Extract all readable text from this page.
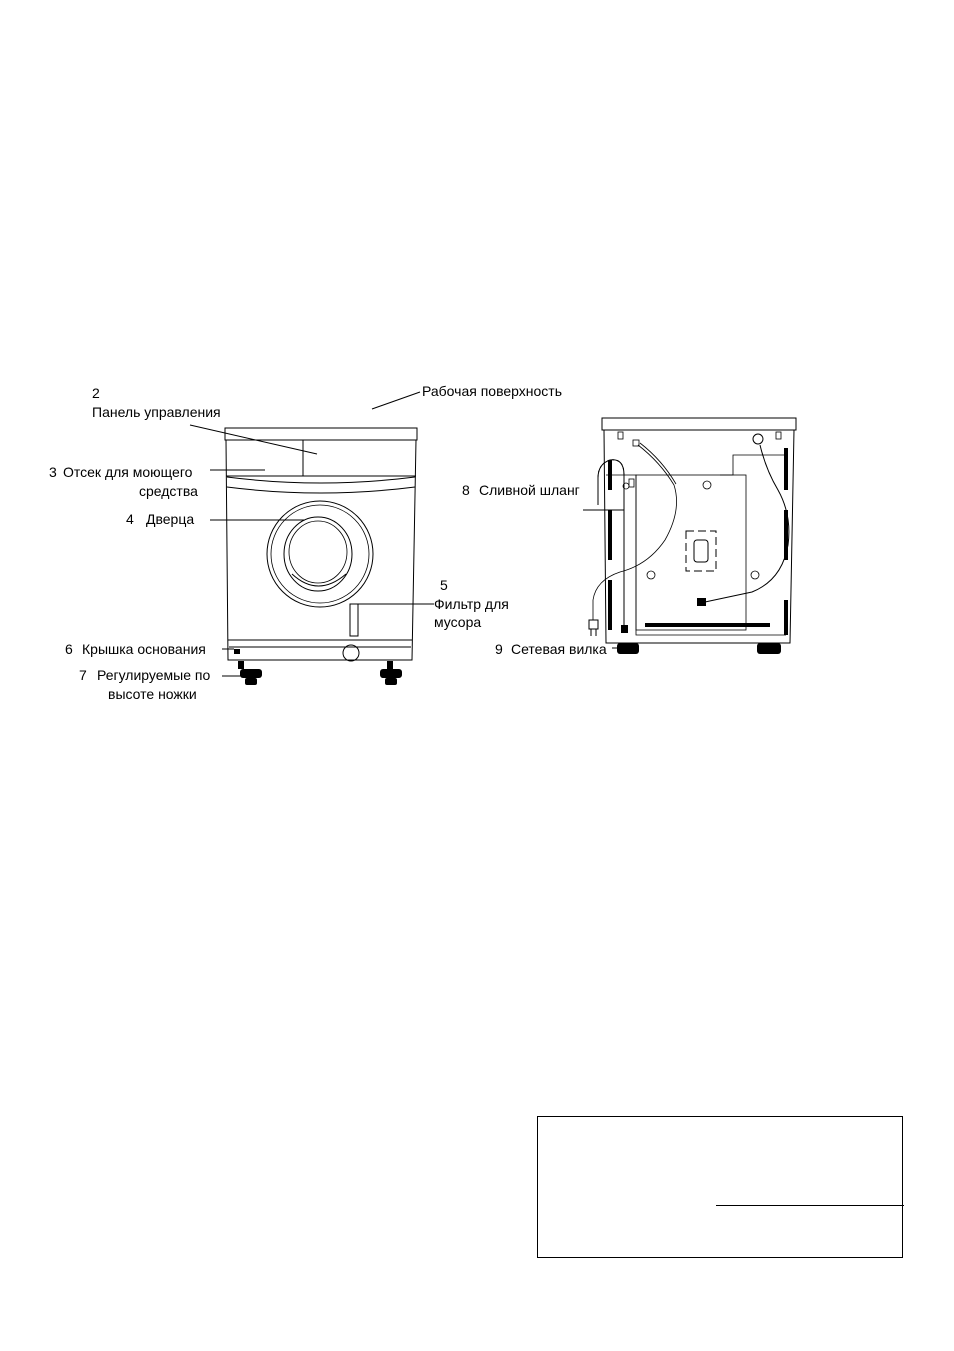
Рабочая поверхность
2
Панель управления
3 Отсек для моющего
средства
4 Дверца
5
Фильтр для
мусора
6 Крышка основания
7 Регулируемые по
высоте ножки
8 Сливной шланг
9 Сетевая вилка
